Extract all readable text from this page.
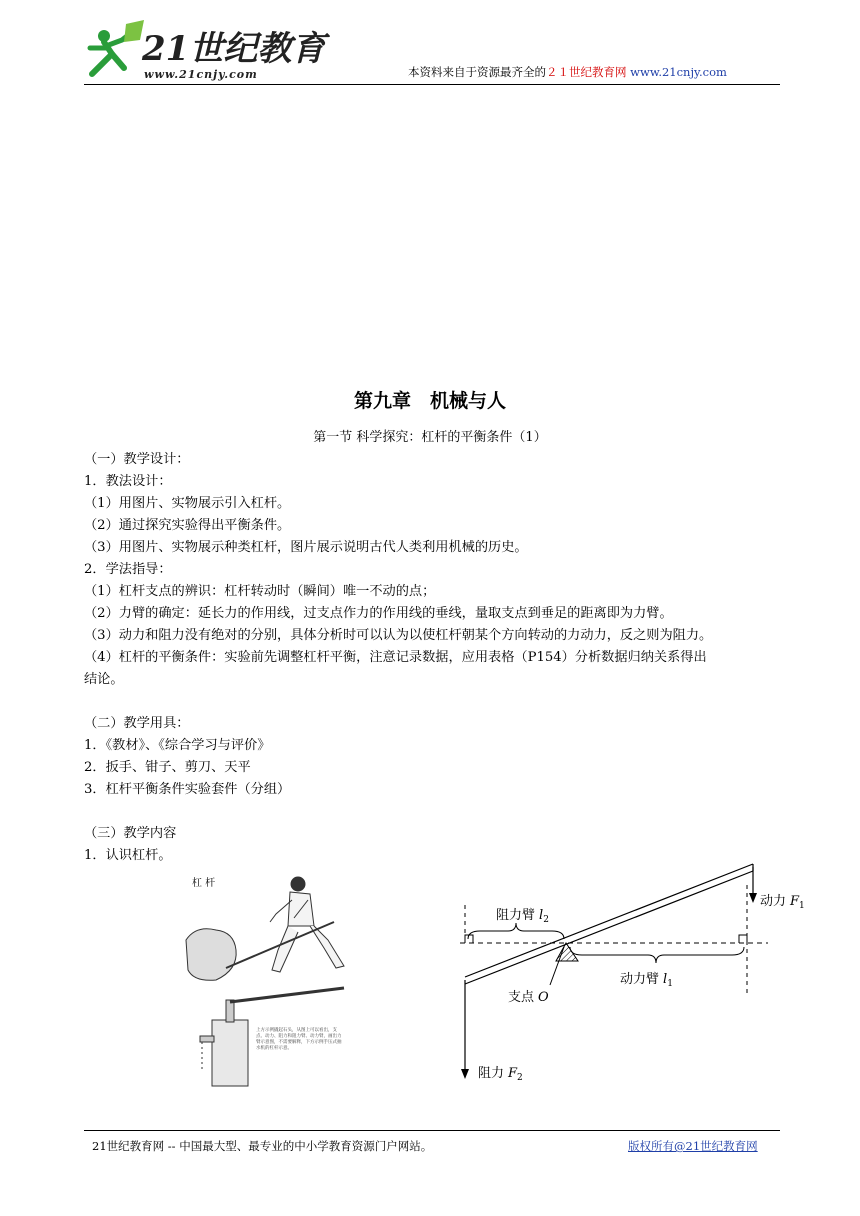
21世纪教育
www.21cnjy.com	本资料来自于资源最齐全的２１世纪教育网 www.21cnjy.com
第九章　机械与人
第一节 科学探究：杠杆的平衡条件（1）
（一）教学设计：
1．教法设计：
（1）用图片、实物展示引入杠杆。
（2）通过探究实验得出平衡条件。
（3）用图片、实物展示种类杠杆，图片展示说明古代人类利用机械的历史。
2．学法指导：
（1）杠杆支点的辨识：杠杆转动时（瞬间）唯一不动的点；
（2）力臂的确定：延长力的作用线，过支点作力的作用线的垂线，量取支点到垂足的距离即为力臂。
（3）动力和阻力没有绝对的分别，具体分析时可以认为以使杠杆朝某个方向转动的力动力，反之则为阻力。
（4）杠杆的平衡条件：实验前先调整杠杆平衡，注意记录数据，应用表格（P154）分析数据归纳关系得出
结论。
（二）教学用具：
1．《教材》、《综合学习与评价》
2．扳手、钳子、剪刀、天平
3．杠杆平衡条件实验套件（分组）
（三）教学内容
1．认识杠杆。
杠 杆
上方示例撬起石头，从图上可以看出，支点、动力、阻力和阻力臂、动力臂，画出力臂示意图，不需要解释，下方示例手压式抽水机的杠杆示意。
阻力臂 $l_2$
动力臂 $l_1$
动力 $F_1$
阻力 $F_2$
支点 O
21世纪教育网 -- 中国最大型、最专业的中小学教育资源门户网站。	版权所有@21世纪教育网
